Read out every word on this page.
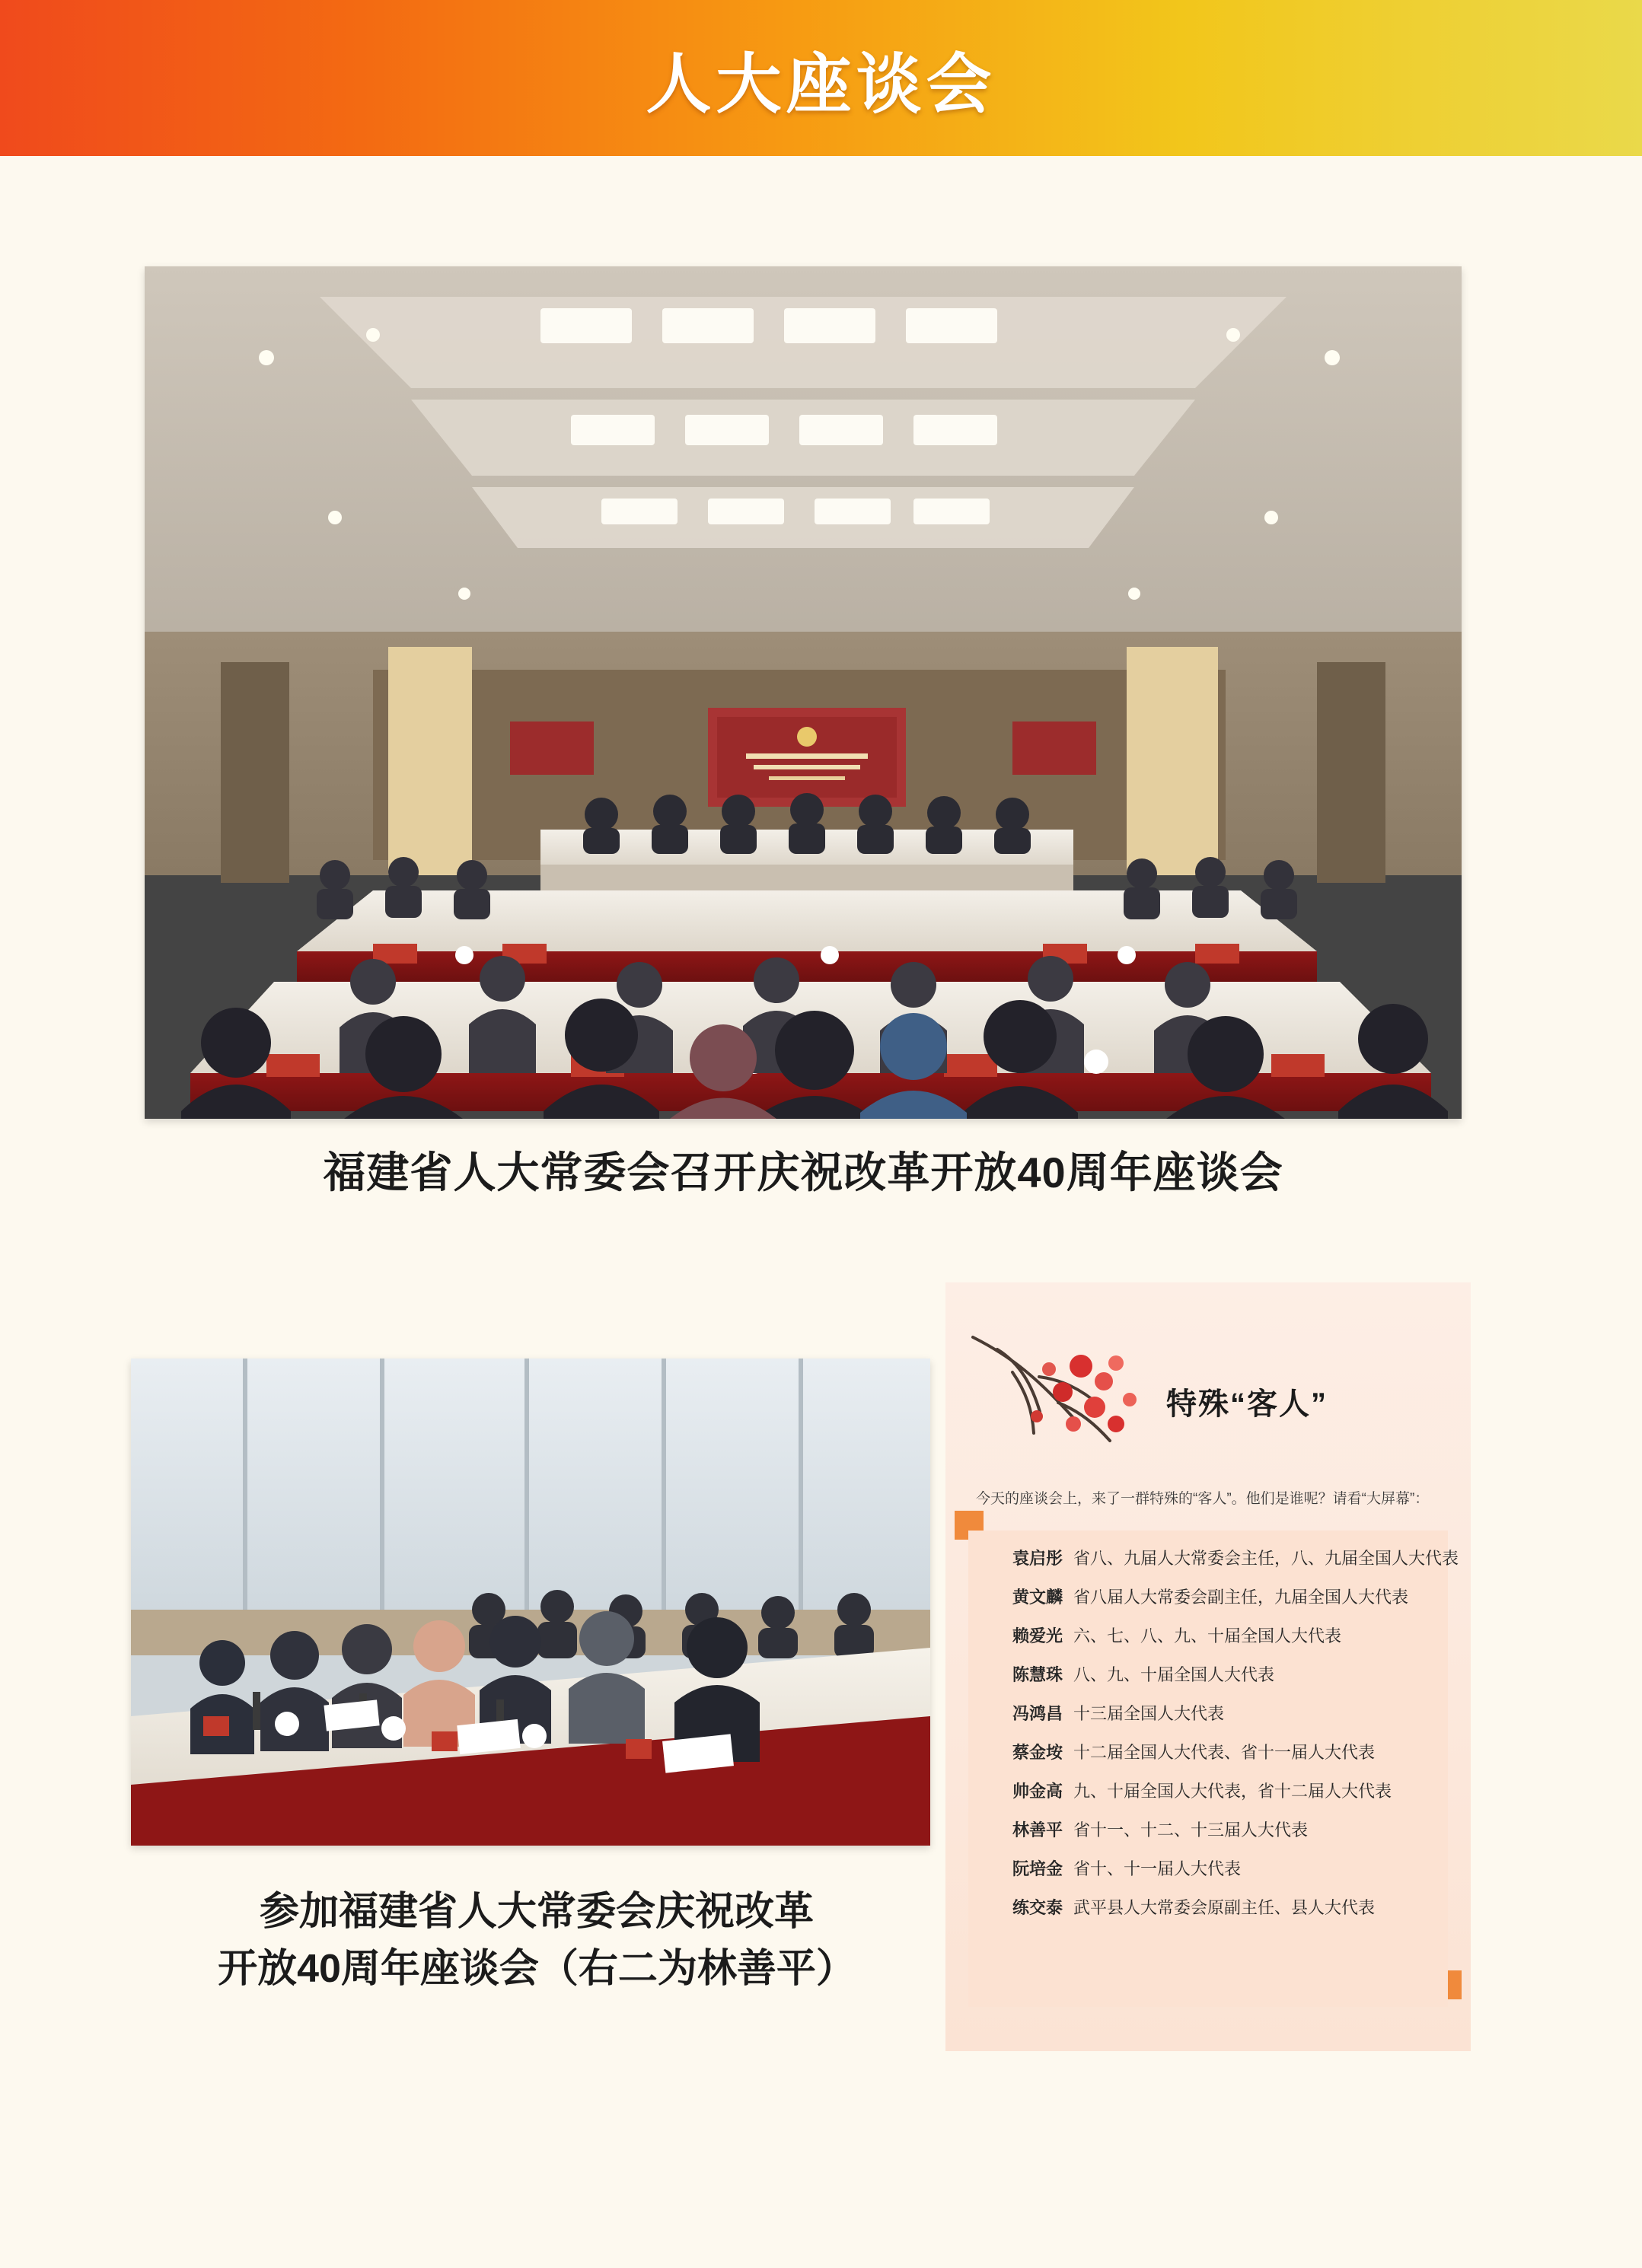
人大座谈会
福建省人大常委会召开庆祝改革开放40周年座谈会
参加福建省人大常委会庆祝改革
开放40周年座谈会（右二为林善平）
特殊“客人”
今天的座谈会上，来了一群特殊的“客人”。他们是谁呢？请看“大屏幕”：
袁启彤 省八、九届人大常委会主任，八、九届全国人大代表
黄文麟 省八届人大常委会副主任，九届全国人大代表
赖爱光 六、七、八、九、十届全国人大代表
陈慧珠 八、九、十届全国人大代表
冯鸿昌 十三届全国人大代表
蔡金垵 十二届全国人大代表、省十一届人大代表
帅金高 九、十届全国人大代表，省十二届人大代表
林善平 省十一、十二、十三届人大代表
阮培金 省十、十一届人大代表
练交泰 武平县人大常委会原副主任、县人大代表
